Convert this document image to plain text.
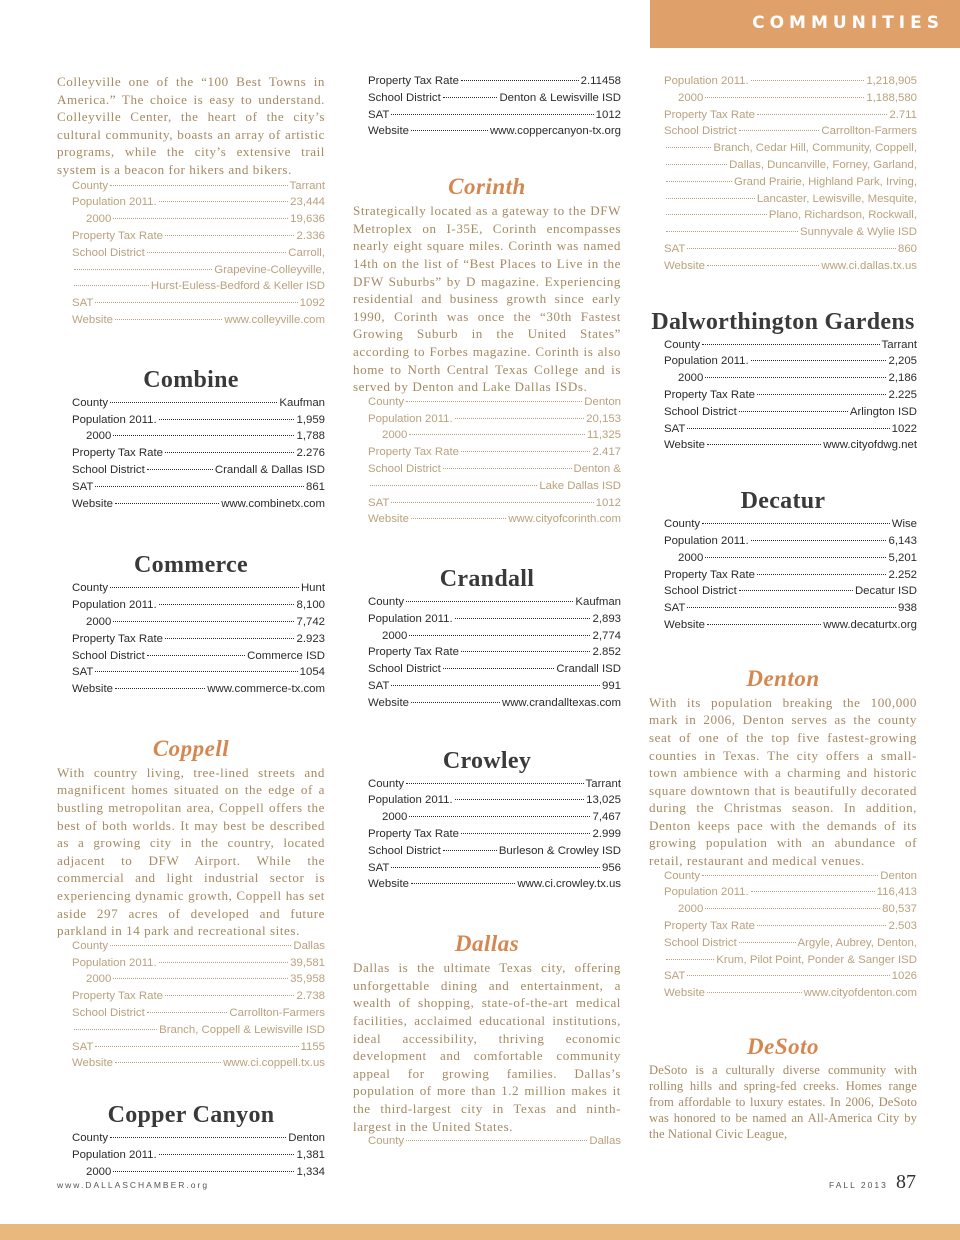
COMMUNITIES

Colleyville one of the “100 Best Towns in America.” The choice is easy to understand. Colleyville Center, the heart of the city’s cultural community, boasts an array of artistic programs, while the city’s extensive trail system is a beacon for hikers and bikers.

County	Tarrant
Population 2011.	23,444
2000	19,636
Property Tax Rate	2.336
School District	Carroll,
Grapevine-Colleyville,
Hurst-Euless-Bedford & Keller ISD
SAT	1092
Website	www.colleyville.com
Combine
County	Kaufman
Population 2011.	1,959
2000	1,788
Property Tax Rate	2.276
School District	Crandall & Dallas ISD
SAT	861
Website	www.combinetx.com
Commerce
County	Hunt
Population 2011.	8,100
2000	7,742
Property Tax Rate	2.923
School District	Commerce ISD
SAT	1054
Website	www.commerce-tx.com
Coppell

With country living, tree-lined streets and magnificent homes situated on the edge of a bustling metropolitan area, Coppell offers the best of both worlds. It may best be described as a growing city in the country, located adjacent to DFW Airport. While the commercial and light industrial sector is experiencing dynamic growth, Coppell has set aside 297 acres of developed and future parkland in 14 park and recreational sites.

County	Dallas
Population 2011.	39,581
2000	35,958
Property Tax Rate	2.738
School District	Carrollton-Farmers
Branch, Coppell & Lewisville ISD
SAT	1155
Website	www.ci.coppell.tx.us
Copper Canyon
County	Denton
Population 2011.	1,381
2000	1,334
Property Tax Rate	2.11458
School District	Denton & Lewisville ISD
SAT	1012
Website	www.coppercanyon-tx.org
Corinth

Strategically located as a gateway to the DFW Metroplex on I-35E, Corinth encompasses nearly eight square miles. Corinth was named 14th on the list of “Best Places to Live in the DFW Suburbs” by D magazine. Experiencing residential and business growth since early 1990, Corinth was once the “30th Fastest Growing Suburb in the United States” according to Forbes magazine. Corinth is also home to North Central Texas College and is served by Denton and Lake Dallas ISDs.

County	Denton
Population 2011.	20,153
2000	11,325
Property Tax Rate	2.417
School District	Denton &
Lake Dallas ISD
SAT	1012
Website	www.cityofcorinth.com
Crandall
County	Kaufman
Population 2011.	2,893
2000	2,774
Property Tax Rate	2.852
School District	Crandall ISD
SAT	991
Website	www.crandalltexas.com
Crowley
County	Tarrant
Population 2011.	13,025
2000	7,467
Property Tax Rate	2.999
School District	Burleson & Crowley ISD
SAT	956
Website	www.ci.crowley.tx.us
Dallas

Dallas is the ultimate Texas city, offering unforgettable dining and entertainment, a wealth of shopping, state-of-the-art medical facilities, acclaimed educational institutions, ideal accessibility, thriving economic development and comfortable community appeal for growing families. Dallas’s population of more than 1.2 million makes it the third-largest city in Texas and ninth-largest in the United States.

County	Dallas
Population 2011.	1,218,905
2000	1,188,580
Property Tax Rate	2.711
School District	Carrollton-Farmers
Branch, Cedar Hill, Community, Coppell,
Dallas, Duncanville, Forney, Garland,
Grand Prairie, Highland Park, Irving,
Lancaster, Lewisville, Mesquite,
Plano, Richardson, Rockwall,
Sunnyvale & Wylie ISD
SAT	860
Website	www.ci.dallas.tx.us
Dalworthington Gardens
County	Tarrant
Population 2011.	2,205
2000	2,186
Property Tax Rate	2.225
School District	Arlington ISD
SAT	1022
Website	www.cityofdwg.net
Decatur
County	Wise
Population 2011.	6,143
2000	5,201
Property Tax Rate	2.252
School District	Decatur ISD
SAT	938
Website	www.decaturtx.org
Denton

With its population breaking the 100,000 mark in 2006, Denton serves as the county seat of one of the top five fastest-growing counties in Texas. The city offers a small-town ambience with a charming and historic square downtown that is beautifully decorated during the Christmas season. In addition, Denton keeps pace with the demands of its growing population with an abundance of retail, restaurant and medical venues.

County	Denton
Population 2011.	116,413
2000	80,537
Property Tax Rate	2.503
School District	Argyle, Aubrey, Denton,
Krum, Pilot Point, Ponder & Sanger ISD
SAT	1026
Website	www.cityofdenton.com
DeSoto

DeSoto is a culturally diverse community with rolling hills and spring-fed creeks. Homes range from affordable to luxury estates. In 2006, DeSoto was honored to be named an All-America City by the National Civic League,

www.DALLASCHAMBER.org	FALL 2013 87
